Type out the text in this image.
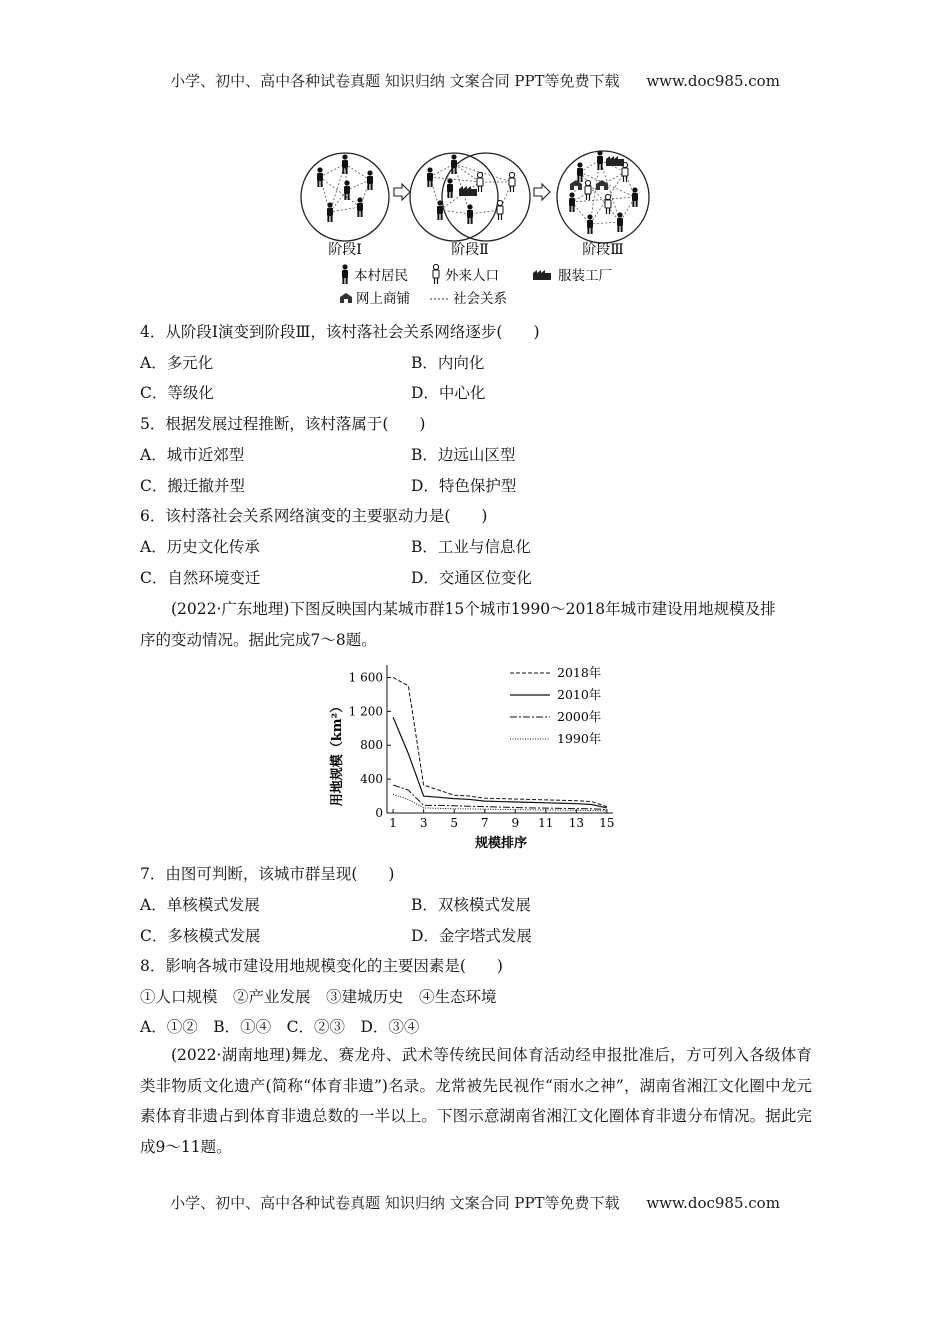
小学、初中、高中各种试卷真题 知识归纳 文案合同 PPT等免费下载 www.doc985.com
阶段Ⅰ	阶段Ⅱ	阶段Ⅲ
本村居民	外来人口	服装工厂
网上商铺	社会关系
4．从阶段Ⅰ演变到阶段Ⅲ，该村落社会关系网络逐步(　　)
A．多元化	B．内向化
C．等级化	D．中心化
5．根据发展过程推断，该村落属于(　　)
A．城市近郊型	B．边远山区型
C．搬迁撤并型	D．特色保护型
6．该村落社会关系网络演变的主要驱动力是(　　)
A．历史文化传承	B．工业与信息化
C．自然环境变迁	D．交通区位变化
(2022·广东地理)下图反映国内某城市群15个城市1990～2018年城市建设用地规模及排
序的变动情况。据此完成7～8题。
0
400
800
1 200
1 600
1 3 5 7 9 11 13 15
2018年
2010年
2000年
1990年
规模排序
用地规模（km²）
7．由图可判断，该城市群呈现(　　)
A．单核模式发展	B．双核模式发展
C．多核模式发展	D．金字塔式发展
8．影响各城市建设用地规模变化的主要因素是(　　)
①人口规模　②产业发展　③建城历史　④生态环境
A．①②　B．①④　C．②③　D．③④
(2022·湖南地理)舞龙、赛龙舟、武术等传统民间体育活动经申报批准后，方可列入各级体育类非物质文化遗产(简称“体育非遗”)名录。龙常被先民视作“雨水之神”，湖南省湘江文化圈中龙元素体育非遗占到体育非遗总数的一半以上。下图示意湖南省湘江文化圈体育非遗分布情况。据此完成9～11题。
小学、初中、高中各种试卷真题 知识归纳 文案合同 PPT等免费下载 www.doc985.com
